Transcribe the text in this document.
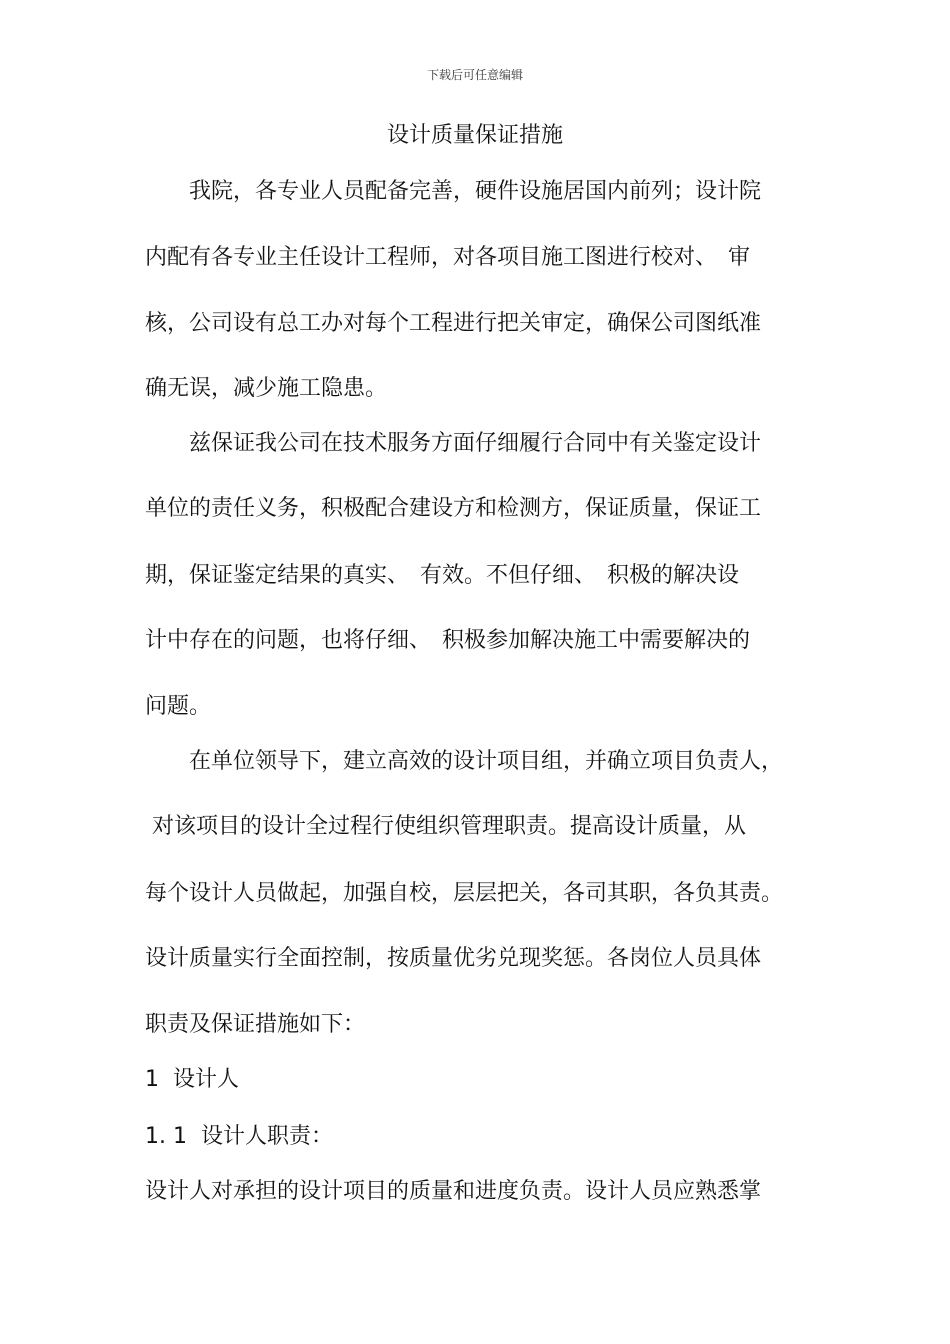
下载后可任意编辑
设计质量保证措施
　　我院，各专业人员配备完善，硬件设施居国内前列；设计院
内配有各专业主任设计工程师，对各项目施工图进行校对、　审
核，公司设有总工办对每个工程进行把关审定，确保公司图纸准
确无误，减少施工隐患。
　　兹保证我公司在技术服务方面仔细履行合同中有关鉴定设计
单位的责任义务，积极配合建设方和检测方，保证质量，保证工
期，保证鉴定结果的真实、　有效。不但仔细、　积极的解决设
计中存在的问题，也将仔细、　积极参加解决施工中需要解决的
问题。
　　在单位领导下，建立高效的设计项目组，并确立项目负责人，
对该项目的设计全过程行使组织管理职责。提高设计质量，从
每个设计人员做起，加强自校，层层把关，各司其职，各负其责。
设计质量实行全面控制，按质量优劣兑现奖惩。各岗位人员具体
职责及保证措施如下：
1  设计人
1. 1  设计人职责：
设计人对承担的设计项目的质量和进度负责。设计人员应熟悉掌
